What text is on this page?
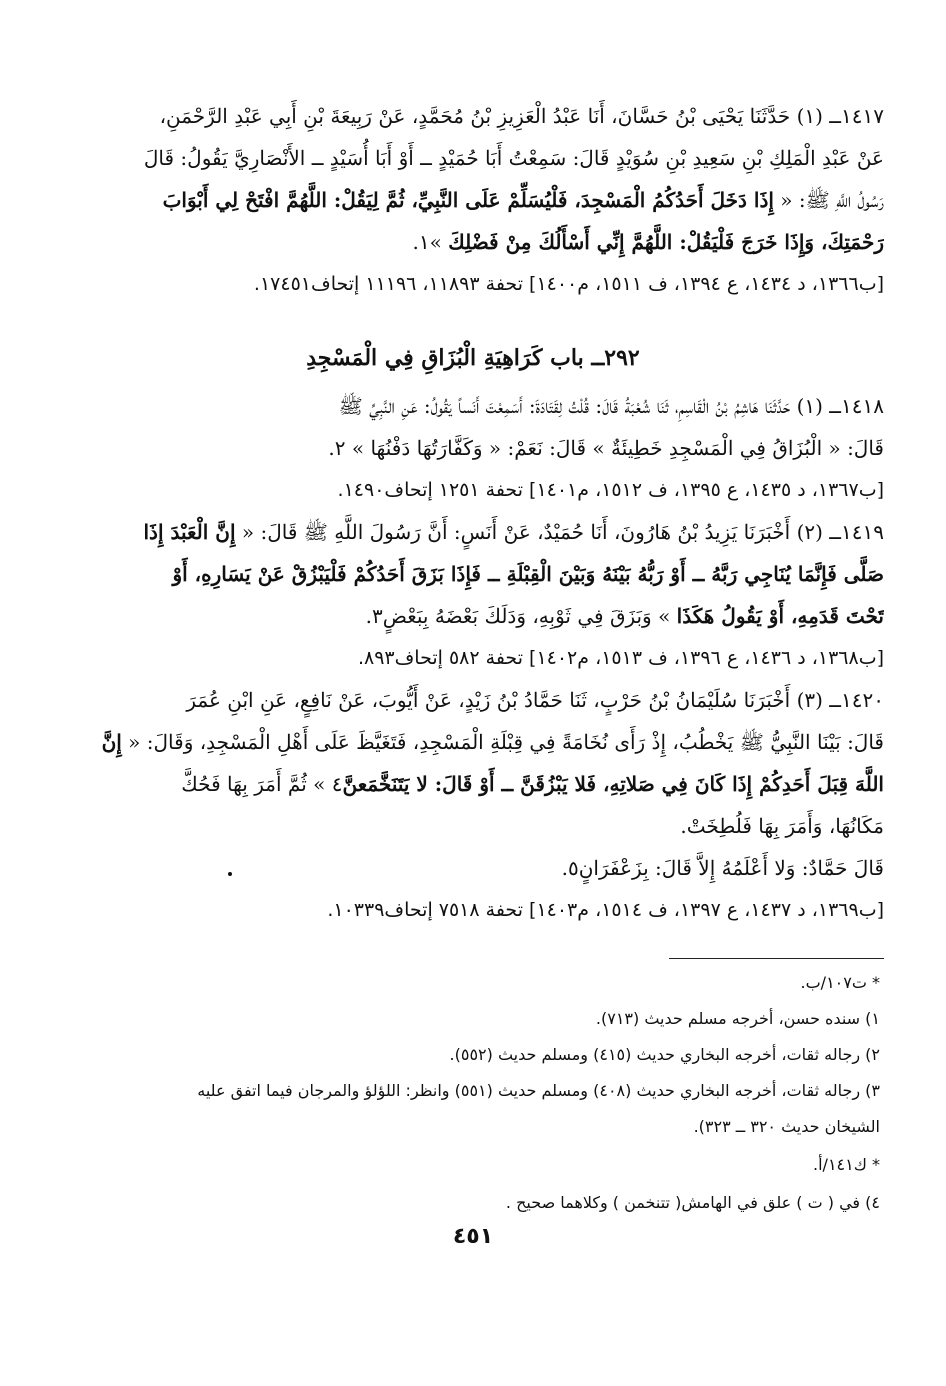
١٤١٧ــ (١) حَدَّثَنَا يَحْيَى بْنُ حَسَّانَ، أَنَا عَبْدُ الْعَزِيزِ بْنُ مُحَمَّدٍ، عَنْ رَبِيعَةَ بْنِ أَبِي عَبْدِ الرَّحْمَنِ،
عَنْ عَبْدِ الْمَلِكِ بْنِ سَعِيدِ بْنِ سُوَيْدٍ قَالَ: سَمِعْتُ أَبَا حُمَيْدٍ ــ أَوْ أَبَا أُسَيْدٍ ــ الأَنْصَارِيَّ يَقُولُ: قَالَ
رَسُولُ اللَّهِ ﷺ: « إِذَا دَخَلَ أَحَدُكُمُ الْمَسْجِدَ، فَلْيُسَلِّمْ عَلَى النَّبِيِّ، ثُمَّ لِيَقُلْ: اللَّهُمَّ افْتَحْ لِي أَبْوَابَ
رَحْمَتِكَ، وَإِذَا خَرَجَ فَلْيَقُلْ: اللَّهُمَّ إِنِّي أَسْأَلُكَ مِنْ فَضْلِكَ »١.
[ب١٣٦٦، د ١٤٣٤، ع ١٣٩٤، ف ١٥١١، م١٤٠٠] تحفة ١١٨٩٣، ١١١٩٦ إتحاف١٧٤٥١.
٢٩٢ــ باب كَرَاهِيَةِ الْبُزَاقِ فِي الْمَسْجِدِ
١٤١٨ــ (١) حَدَّثَنَا هَاشِمُ بْنُ الْقَاسِمِ، ثَنَا شُعْبَةُ قَالَ: قُلْتُ لِقَتَادَةَ: أَسَمِعْتَ أَنَساً يَقُولُ: عَنِ النَّبِيِّ ﷺ
قَالَ: « الْبُزَاقُ فِي الْمَسْجِدِ خَطِيئَةٌ » قَالَ: نَعَمْ: « وَكَفَّارَتُهَا دَفْنُهَا » ٢.
[ب١٣٦٧، د ١٤٣٥، ع ١٣٩٥، ف ١٥١٢، م١٤٠١] تحفة ١٢٥١ إتحاف١٤٩٠.
١٤١٩ــ (٢) أَخْبَرَنَا يَزِيدُ بْنُ هَارُونَ، أَنَا حُمَيْدٌ، عَنْ أَنَسٍ: أَنَّ رَسُولَ اللَّهِ ﷺ قَالَ: « إِنَّ الْعَبْدَ إِذَا
صَلَّى فَإِنَّمَا يُنَاجِي رَبَّهُ ــ أَوْ رَبُّهُ بَيْنَهُ وَبَيْنَ الْقِبْلَةِ ــ فَإِذَا بَزَقَ أَحَدُكُمْ فَلْيَبْزُقْ عَنْ يَسَارِهِ، أَوْ
تَحْتَ قَدَمِهِ، أَوْ يَقُولُ هَكَذَا » وَبَزَقَ فِي ثَوْبِهِ، وَدَلَكَ بَعْضَهُ بِبَعْضٍ٣.
[ب١٣٦٨، د ١٤٣٦، ع ١٣٩٦، ف ١٥١٣، م١٤٠٢] تحفة ٥٨٢ إتحاف٨٩٣.
١٤٢٠ــ (٣) أَخْبَرَنَا سُلَيْمَانُ بْنُ حَرْبٍ، ثَنَا حَمَّادُ بْنُ زَيْدٍ، عَنْ أَيُّوبَ، عَنْ نَافِعٍ، عَنِ ابْنِ عُمَرَ
قَالَ: بَيْنَا النَّبِيُّ ﷺ يَخْطُبُ، إِذْ رَأَى نُخَامَةً فِي قِبْلَةِ الْمَسْجِدِ، فَتَغَيَّظَ عَلَى أَهْلِ الْمَسْجِدِ، وَقَالَ: « إِنَّ
اللَّهَ قِبَلَ أَحَدِكُمْ إِذَا كَانَ فِي صَلاتِهِ، فَلا يَبْزُقَنَّ ــ أَوْ قَالَ: لا يَتَنَخَّمَعنَّ٤ » ثُمَّ أَمَرَ بِهَا فَحُكَّ
مَكَانُهَا، وَأَمَرَ بِهَا فَلُطِخَتْ.
قَالَ حَمَّادٌ: وَلا أَعْلَمُهُ إِلاَّ قَالَ: بِزَعْفَرَانٍ٥.
[ب١٣٦٩، د ١٤٣٧، ع ١٣٩٧، ف ١٥١٤، م١٤٠٣] تحفة ٧٥١٨ إتحاف١٠٣٣٩.
* ت١٠٧/ب.
١) سنده حسن، أخرجه مسلم حديث (٧١٣).
٢) رجاله ثقات، أخرجه البخاري حديث (٤١٥) ومسلم حديث (٥٥٢).
٣) رجاله ثقات، أخرجه البخاري حديث (٤٠٨) ومسلم حديث (٥٥١) وانظر: اللؤلؤ والمرجان فيما اتفق عليه
الشيخان حديث ٣٢٠ ــ ٣٢٣).
* ك١٤١/أ.
٤) في ( ت ) علق في الهامش( تتنخمن ) وكلاهما صحيح .
٤٥١
